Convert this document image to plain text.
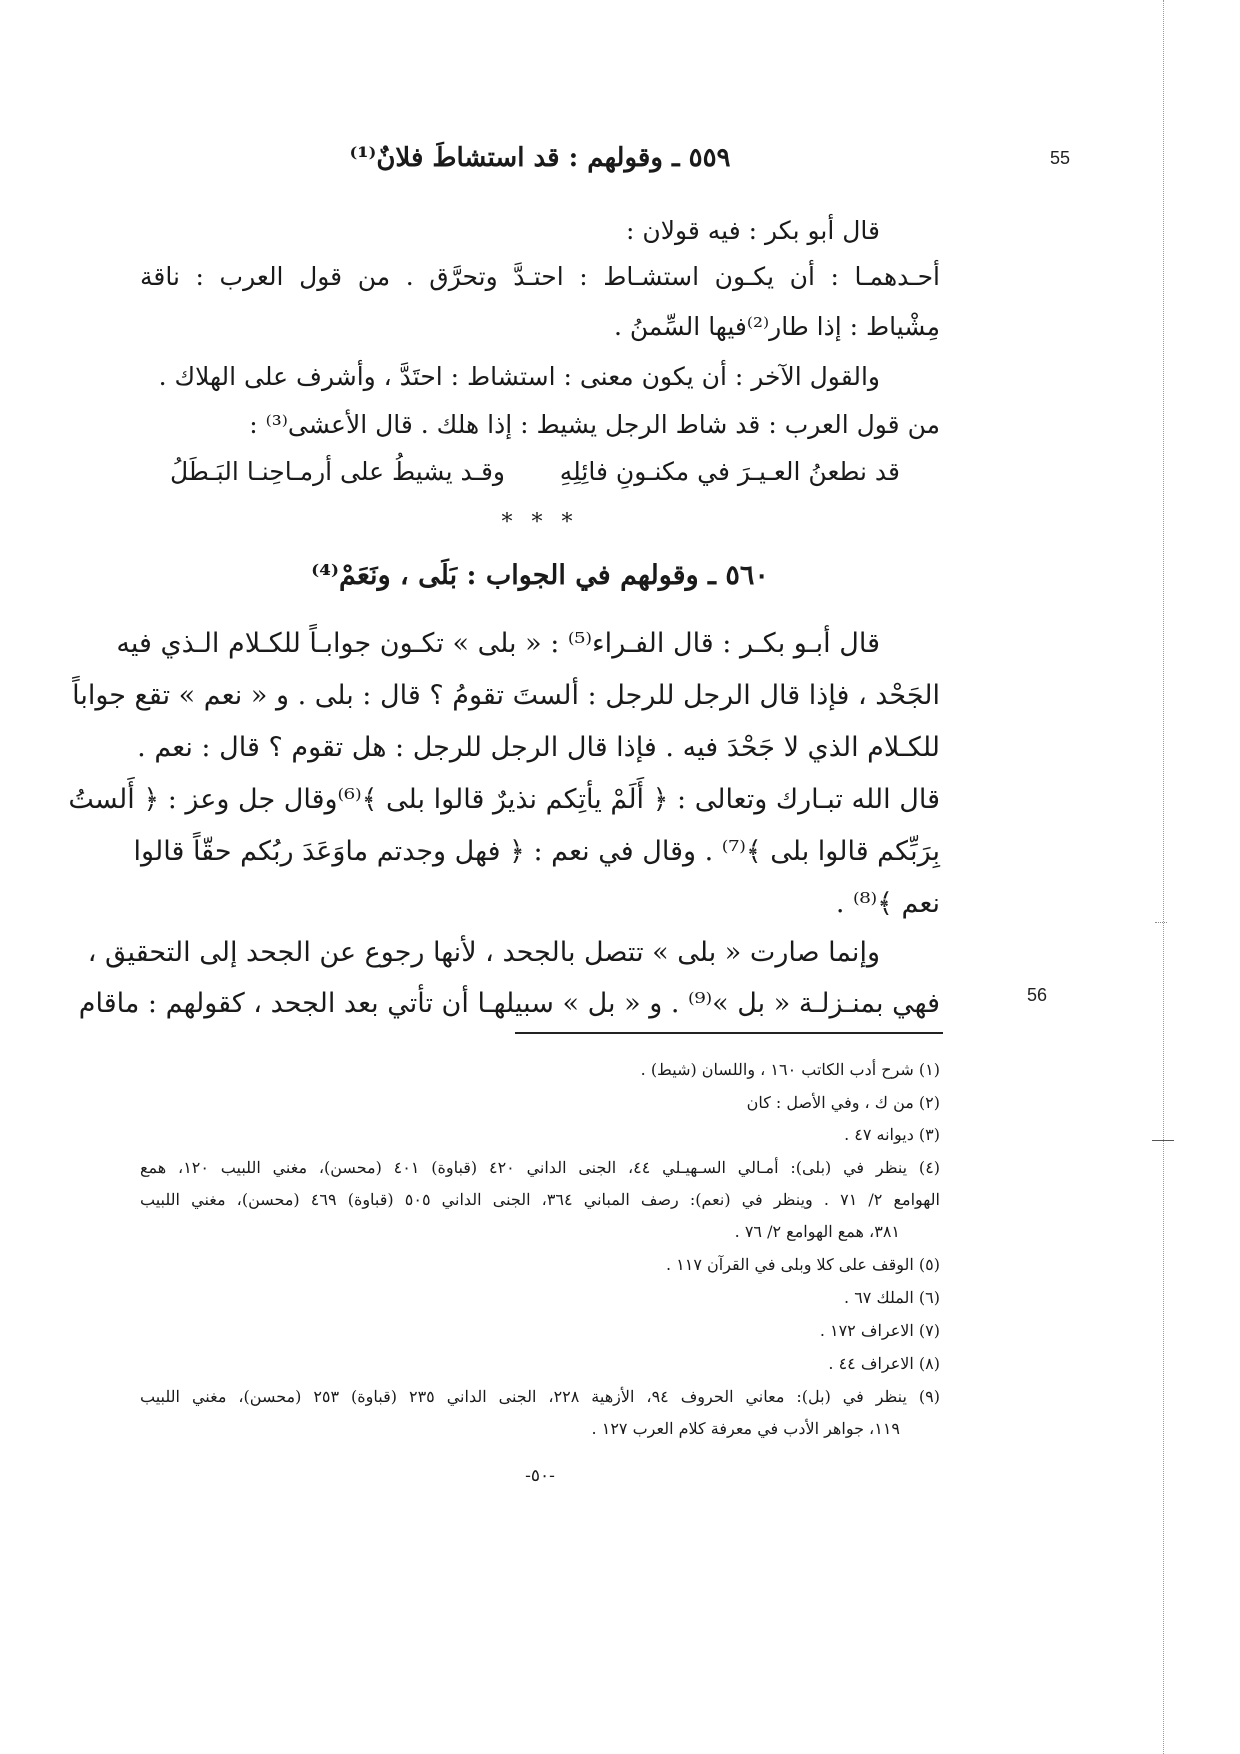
55
56
٥٥٩ ـ وقولهم : قد استشاطَ فلانٌ⁽¹⁾
قال أبو بكر : فيه قولان :
أحـدهمـا : أن يكـون استشـاط : احتـدَّ وتحرَّق . من قول العرب : ناقة
مِشْياط : إذا طار⁽²⁾فيها السِّمنُ .
والقول الآخر : أن يكون معنى : استشاط : احتَدَّ ، وأشرف على الهلاك .
من قول العرب : قد شاط الرجل يشيط : إذا هلك . قال الأعشى⁽³⁾ :
قد نطعنُ العـيـرَ في مكنـونِ فائِلِهِ
وقـد يشيطُ على أرمـاحِنـا البَـطَلُ
* * *
٥٦٠ ـ وقولهم في الجواب : بَلَى ، ونَعَمْ⁽⁴⁾
قال أبـو بكـر : قال الفـراء⁽⁵⁾ : « بلى » تكـون جوابـاً للكـلام الـذي فيه
الجَحْد ، فإذا قال الرجل للرجل : ألستَ تقومُ ؟ قال : بلى . و « نعم » تقع جواباً
للكـلام الذي لا جَحْدَ فيه . فإذا قال الرجل للرجل : هل تقوم ؟ قال : نعم .
قال الله تبـارك وتعالى : ﴿ أَلَمْ يأتِكم نذيرٌ قالوا بلى ﴾⁽⁶⁾وقال جل وعز : ﴿ أَلستُ
بِرَبِّكم قالوا بلى ﴾⁽⁷⁾ . وقال في نعم : ﴿ فهل وجدتم ماوَعَدَ ربُكم حقّاً قالوا
نعم ﴾⁽⁸⁾ .
وإنما صارت « بلى » تتصل بالجحد ، لأنها رجوع عن الجحد إلى التحقيق ،
فهي بمنـزلـة « بل »⁽⁹⁾ . و « بل » سبيلهـا أن تأتي بعد الجحد ، كقولهم : ماقام
(١) شرح أدب الكاتب ١٦٠ ، واللسان (شيط) .
(٢) من ك ، وفي الأصل : كان
(٣) ديوانه ٤٧ .
(٤) ينظر في (بلى): أمـالي السـهيـلي ٤٤، الجنى الداني ٤٢٠ (قباوة) ٤٠١ (محسن)، مغني اللبيب ١٢٠، همع
الهوامع ٢/ ٧١ . وينظر في (نعم): رصف المباني ٣٦٤، الجنى الداني ٥٠٥ (قباوة) ٤٦٩ (محسن)، مغني اللبيب
٣٨١، همع الهوامع ٢/ ٧٦ .
(٥) الوقف على كلا وبلى في القرآن ١١٧ .
(٦) الملك ٦٧ .
(٧) الاعراف ١٧٢ .
(٨) الاعراف ٤٤ .
(٩) ينظر في (بل): معاني الحروف ٩٤، الأزهية ٢٢٨، الجنى الداني ٢٣٥ (قباوة) ٢٥٣ (محسن)، مغني اللبيب
١١٩، جواهر الأدب في معرفة كلام العرب ١٢٧ .
-٥٠-
